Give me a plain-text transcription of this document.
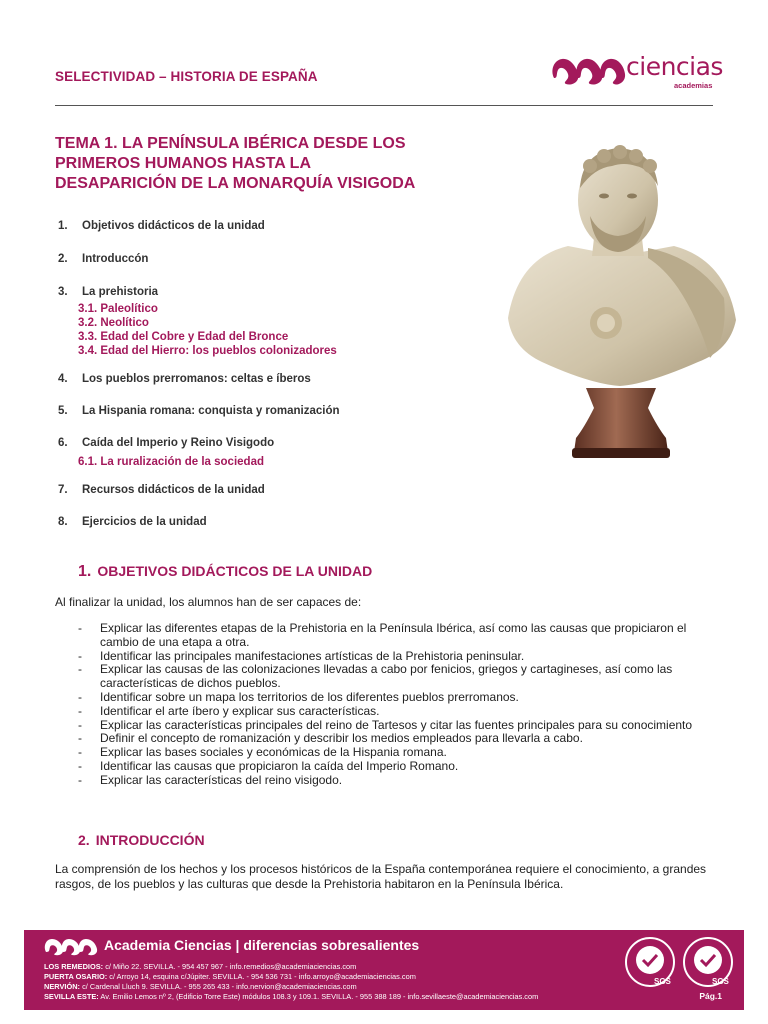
SELECTIVIDAD – HISTORIA DE ESPAÑA	ciencias
academias
TEMA 1. LA PENÍNSULA IBÉRICA DESDE LOS
PRIMEROS HUMANOS HASTA LA
DESAPARICIÓN DE LA MONARQUÍA VISIGODA
1. Objetivos didácticos de la unidad
2. Introduccón
3. La prehistoria
3.1. Paleolítico
3.2. Neolítico
3.3. Edad del Cobre y Edad del Bronce
3.4. Edad del Hierro: los pueblos colonizadores
4. Los pueblos prerromanos: celtas e íberos
5. La Hispania romana: conquista y romanización
6. Caída del Imperio y Reino Visigodo
6.1. La ruralización de la sociedad
7. Recursos didácticos de la unidad
8. Ejercicios de la unidad
1. OBJETIVOS DIDÁCTICOS DE LA UNIDAD
Al finalizar la unidad, los alumnos han de ser capaces de:
- Explicar las diferentes etapas de la Prehistoria en la Península Ibérica, así como las causas que propiciaron el cambio de una etapa a otra.
- Identificar las principales manifestaciones artísticas de la Prehistoria peninsular.
- Explicar las causas de las colonizaciones llevadas a cabo por fenicios, griegos y cartagineses, así como las características de dichos pueblos.
- Identificar sobre un mapa los territorios de los diferentes pueblos prerromanos.
- Identificar el arte íbero y explicar sus características.
- Explicar las características principales del reino de Tartesos y citar las fuentes principales para su conocimiento
- Definir el concepto de romanización y describir los medios empleados para llevarla a cabo.
- Explicar las bases sociales y económicas de la Hispania romana.
- Identificar las causas que propiciaron la caída del Imperio Romano.
- Explicar las características del reino visigodo.
2. INTRODUCCIÓN
La comprensión de los hechos y los procesos históricos de la España contemporánea requiere el conocimiento, a grandes rasgos, de los pueblos y las culturas que desde la Prehistoria habitaron en la Península Ibérica.
Academia Ciencias | diferencias sobresalientes
LOS REMEDIOS: c/ Miño 22. SEVILLA. - 954 457 967 - info.remedios@academiaciencias.com
PUERTA OSARIO: c/ Arroyo 14, esquina c/Júpiter. SEVILLA. - 954 536 731 - info.arroyo@academiaciencias.com
NERVIÓN: c/ Cardenal Lluch 9. SEVILLA. - 955 265 433 - info.nervion@academiaciencias.com
SEVILLA ESTE: Av. Emilio Lemos nº 2, (Edificio Torre Este) módulos 108.3 y 109.1. SEVILLA. - 955 388 189 - info.sevillaeste@academiaciencias.com
SGS	SGS
Pág.1
